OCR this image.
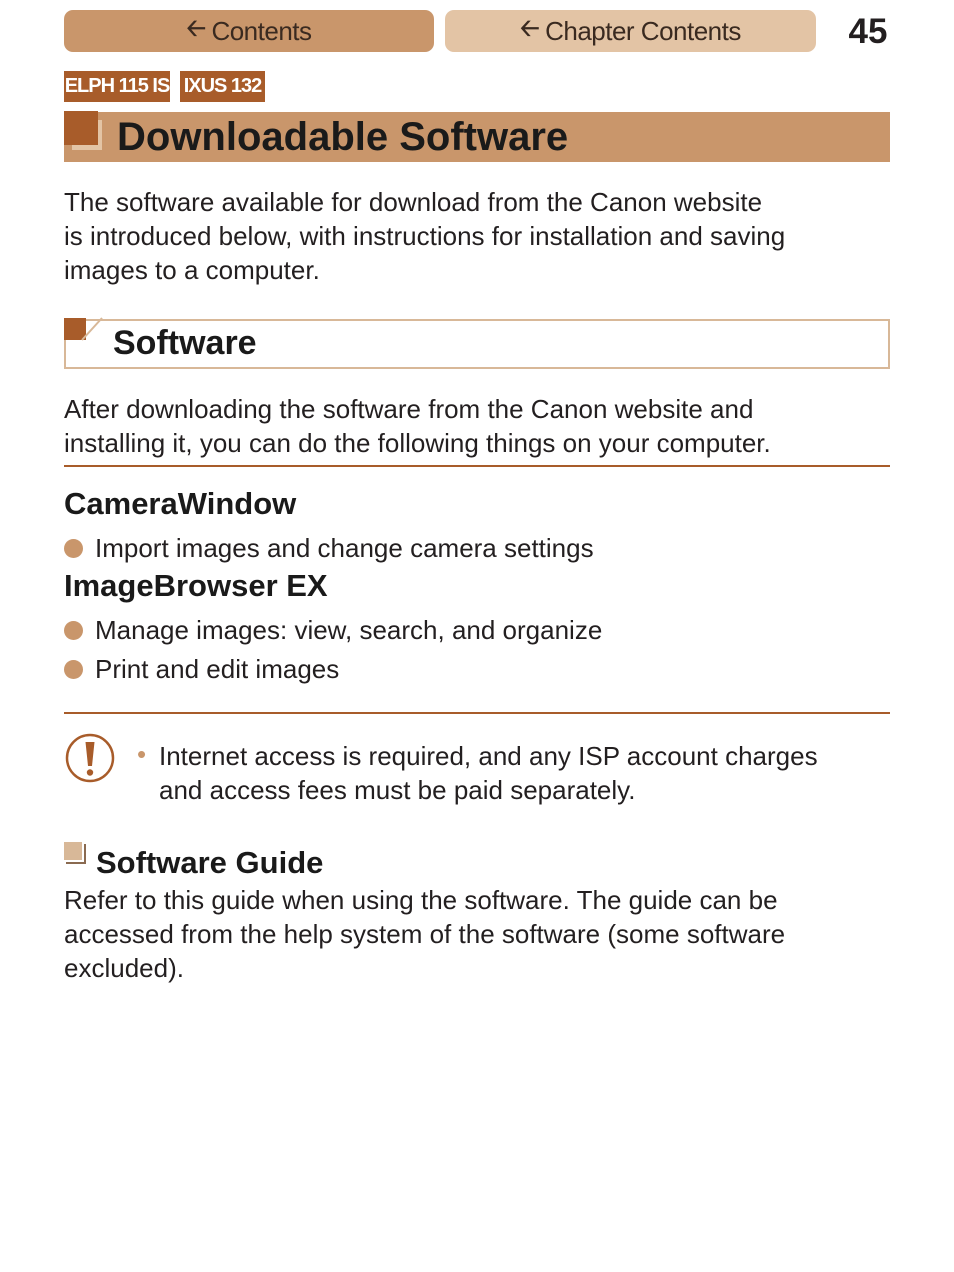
🡠 Contents	🡠 Chapter Contents	45
ELPH 115 IS IXUS 132
Downloadable Software
The software available for download from the Canon website
is introduced below, with instructions for installation and saving
images to a computer.
Software
After downloading the software from the Canon website and
installing it, you can do the following things on your computer.
CameraWindow
Import images and change camera settings
ImageBrowser EX
Manage images: view, search, and organize
Print and edit images
• Internet access is required, and any ISP account charges
and access fees must be paid separately.
Software Guide
Refer to this guide when using the software. The guide can be
accessed from the help system of the software (some software
excluded).
